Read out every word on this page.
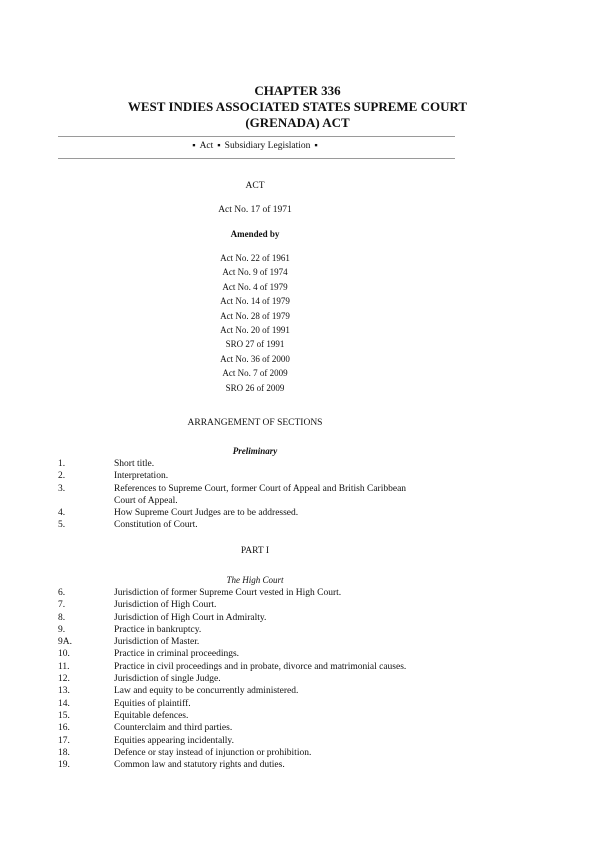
CHAPTER 336
WEST INDIES ASSOCIATED STATES SUPREME COURT
(GRENADA) ACT
▪ Act ▪ Subsidiary Legislation ▪
ACT
Act No. 17 of 1971
Amended by
Act No. 22 of 1961
Act No. 9 of 1974
Act No. 4 of 1979
Act No. 14 of 1979
Act No. 28 of 1979
Act No. 20 of 1991
SRO 27 of 1991
Act No. 36 of 2000
Act No. 7 of 2009
SRO 26 of 2009
ARRANGEMENT OF SECTIONS
Preliminary
1.	Short title.
2.	Interpretation.
3.	References to Supreme Court, former Court of Appeal and British Caribbean
Court of Appeal.
4.	How Supreme Court Judges are to be addressed.
5.	Constitution of Court.
PART I
The High Court
6.	Jurisdiction of former Supreme Court vested in High Court.
7.	Jurisdiction of High Court.
8.	Jurisdiction of High Court in Admiralty.
9.	Practice in bankruptcy.
9A.	Jurisdiction of Master.
10.	Practice in criminal proceedings.
11.	Practice in civil proceedings and in probate, divorce and matrimonial causes.
12.	Jurisdiction of single Judge.
13.	Law and equity to be concurrently administered.
14.	Equities of plaintiff.
15.	Equitable defences.
16.	Counterclaim and third parties.
17.	Equities appearing incidentally.
18.	Defence or stay instead of injunction or prohibition.
19.	Common law and statutory rights and duties.
